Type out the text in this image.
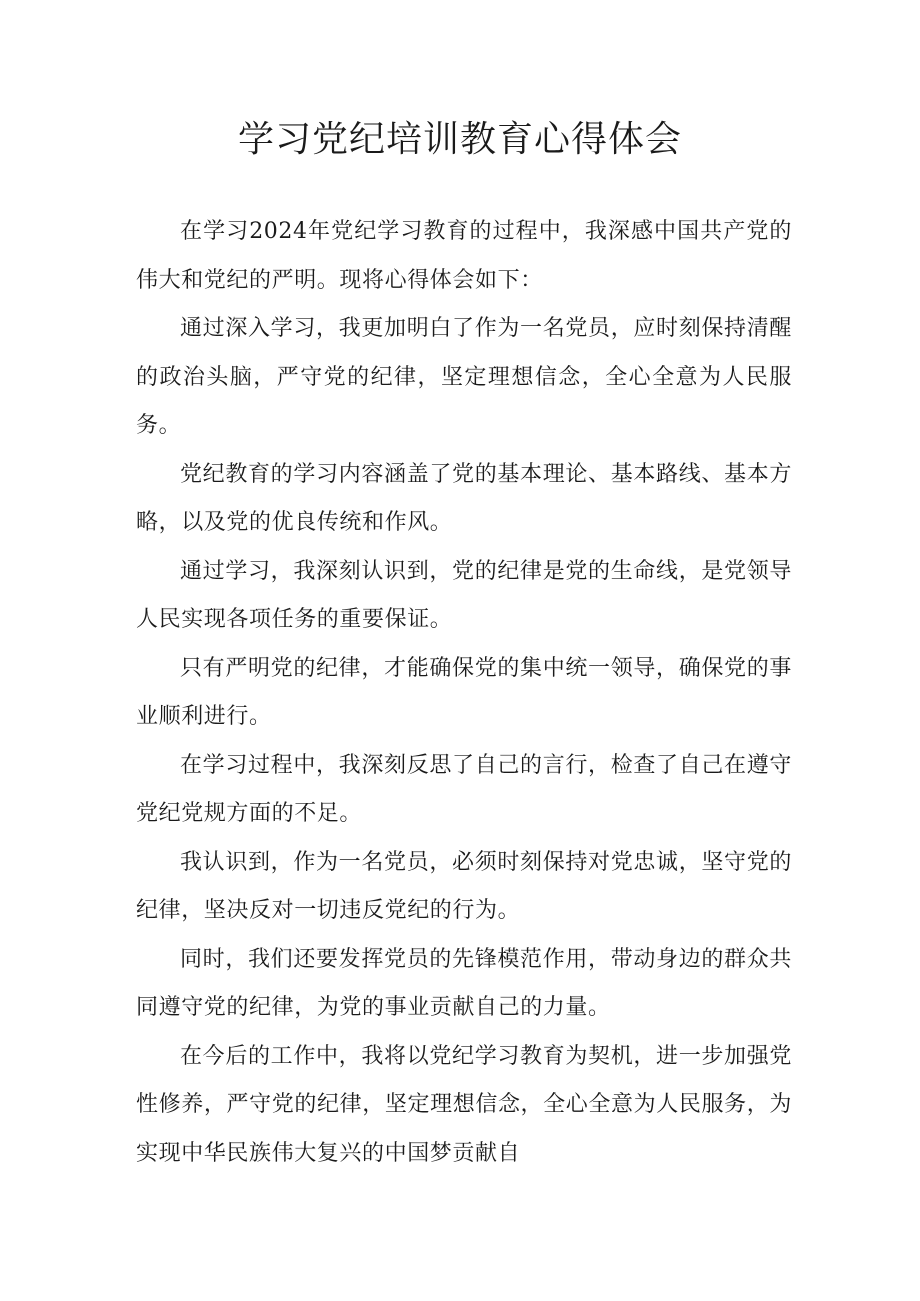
学习党纪培训教育心得体会

在学习2024年党纪学习教育的过程中，我深感中国共产党的伟大和党纪的严明。现将心得体会如下：

通过深入学习，我更加明白了作为一名党员，应时刻保持清醒的政治头脑，严守党的纪律，坚定理想信念，全心全意为人民服务。

党纪教育的学习内容涵盖了党的基本理论、基本路线、基本方略，以及党的优良传统和作风。

通过学习，我深刻认识到，党的纪律是党的生命线，是党领导人民实现各项任务的重要保证。

只有严明党的纪律，才能确保党的集中统一领导，确保党的事业顺利进行。

在学习过程中，我深刻反思了自己的言行，检查了自己在遵守党纪党规方面的不足。

我认识到，作为一名党员，必须时刻保持对党忠诚，坚守党的纪律，坚决反对一切违反党纪的行为。

同时，我们还要发挥党员的先锋模范作用，带动身边的群众共同遵守党的纪律，为党的事业贡献自己的力量。

在今后的工作中，我将以党纪学习教育为契机，进一步加强党性修养，严守党的纪律，坚定理想信念，全心全意为人民服务，为实现中华民族伟大复兴的中国梦贡献自
